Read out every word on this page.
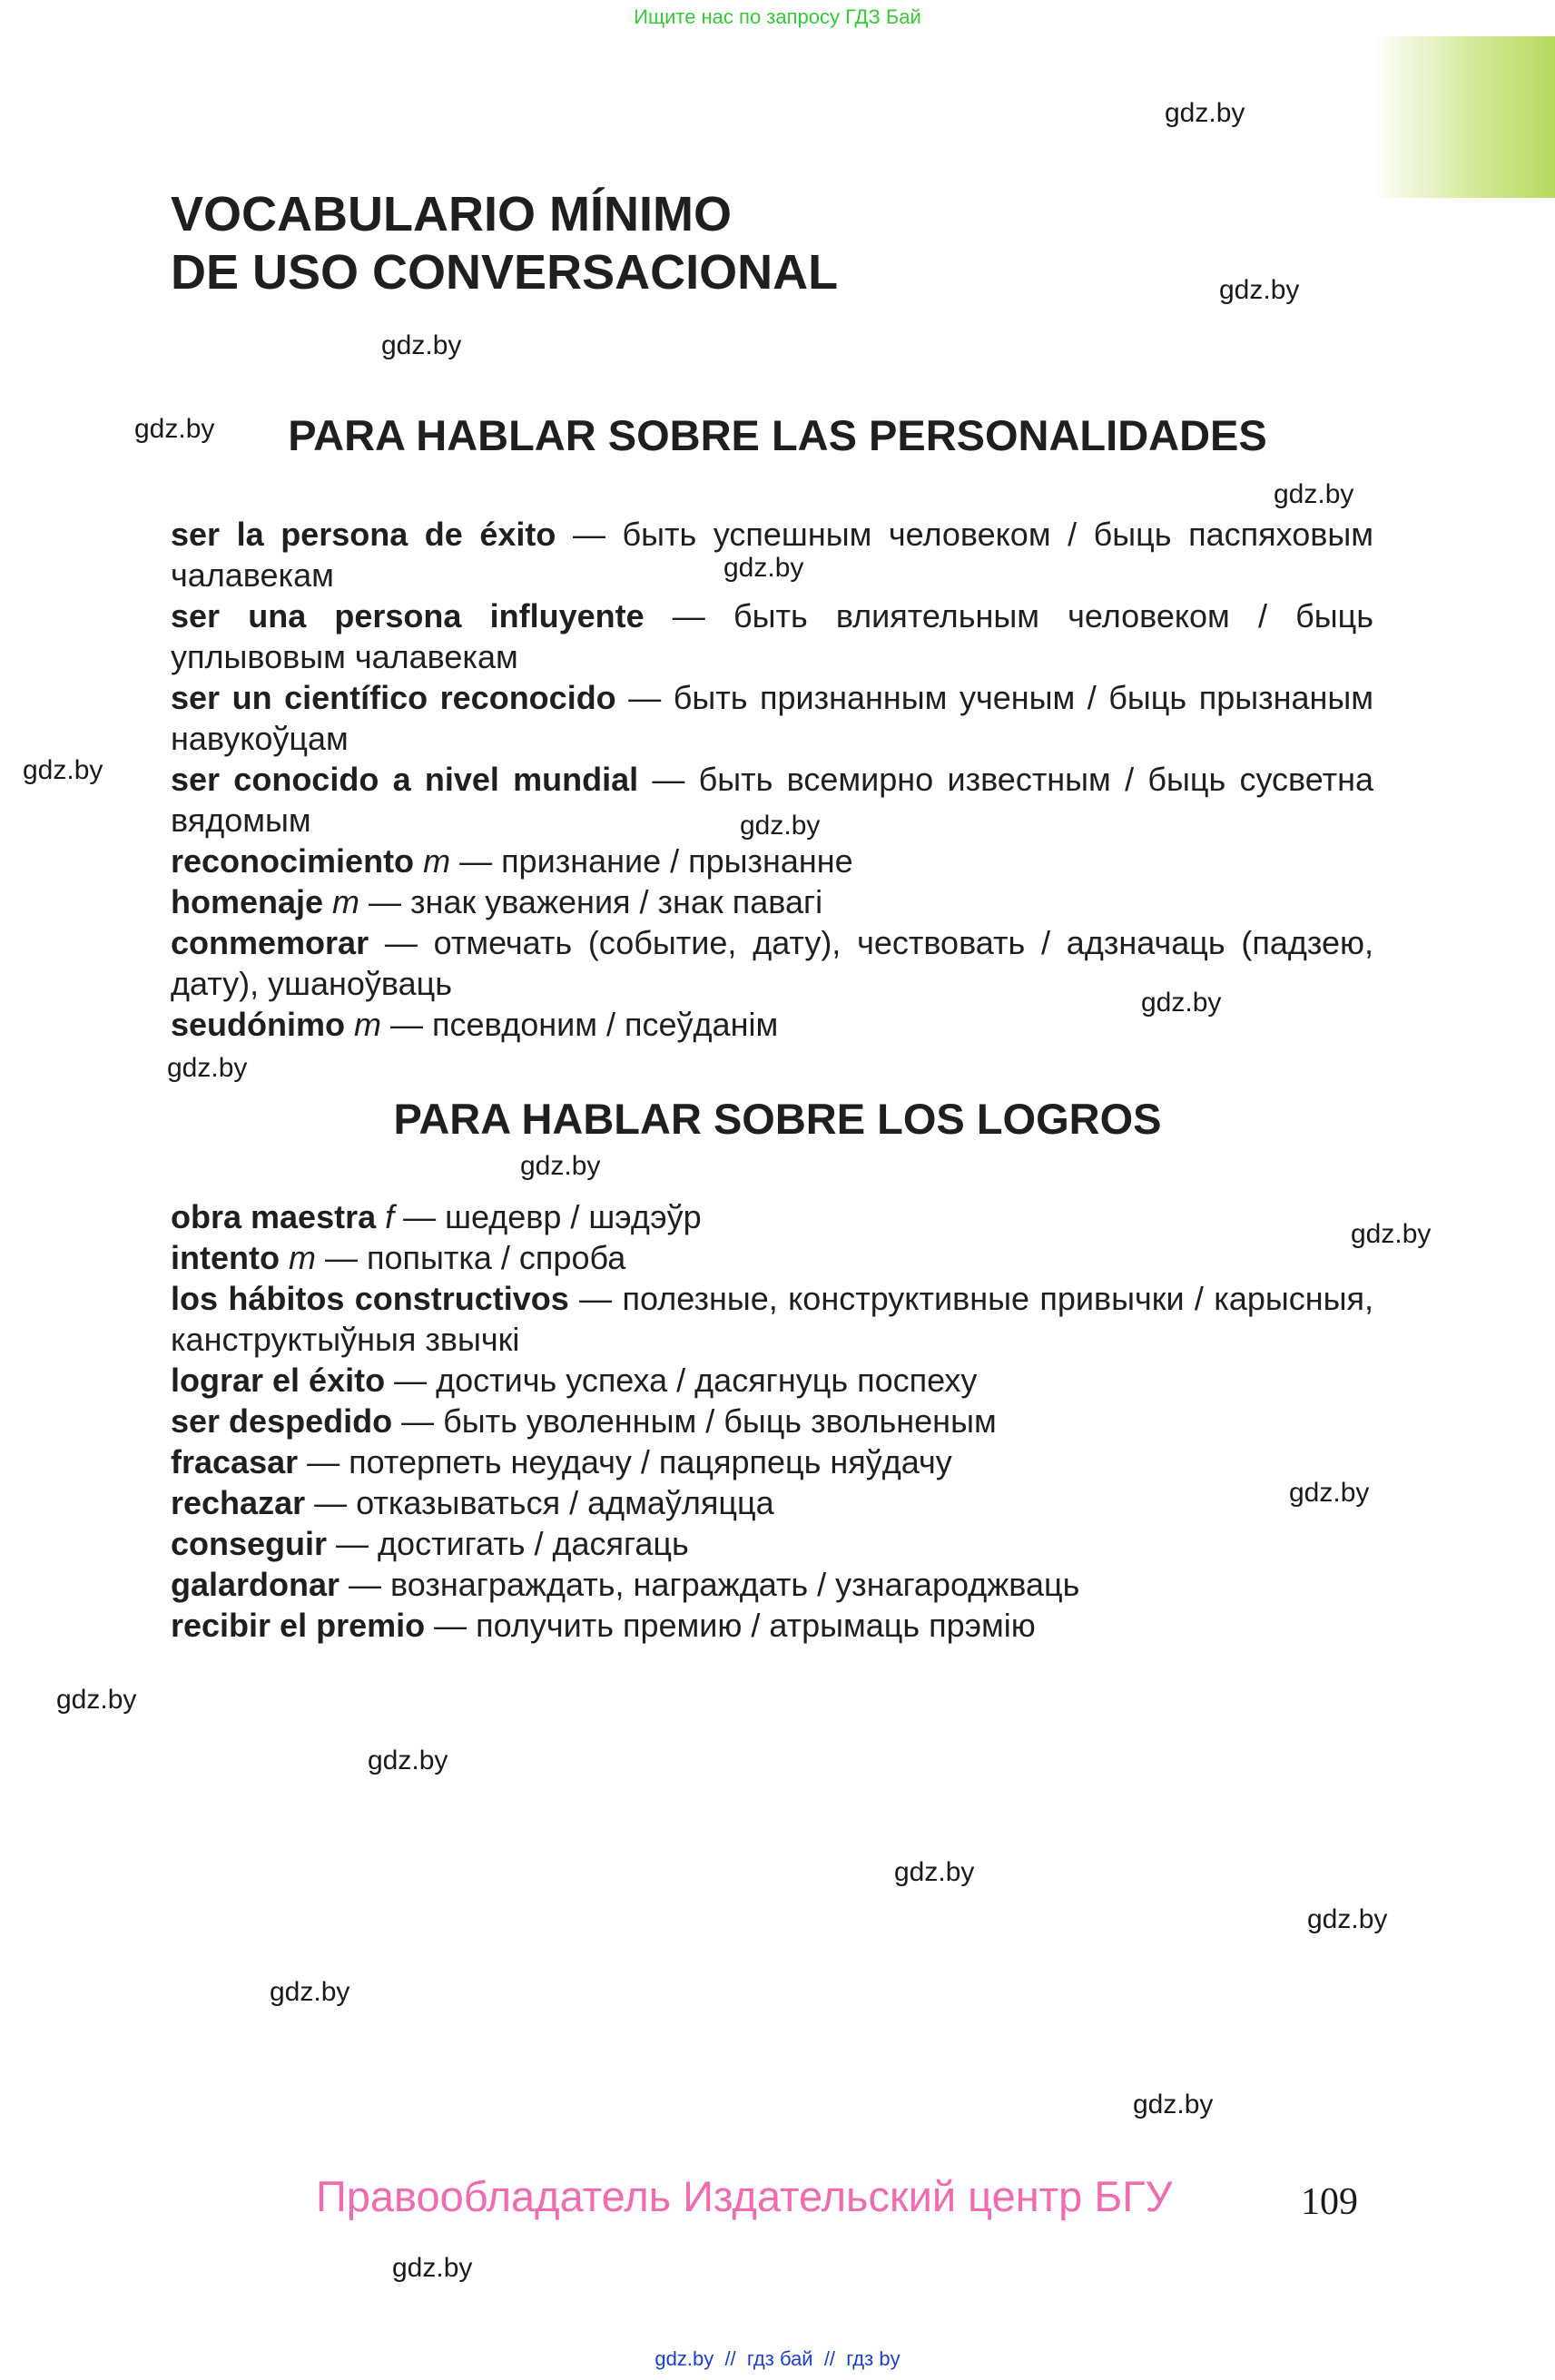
Ищите нас по запросу ГДЗ Бай
gdz.by
gdz.by
gdz.by
gdz.by
gdz.by
gdz.by
gdz.by
gdz.by
gdz.by
gdz.by
gdz.by
gdz.by
gdz.by
gdz.by
gdz.by
gdz.by
gdz.by
gdz.by
gdz.by
gdz.by
VOCABULARIO MÍNIMO
DE USO CONVERSACIONAL
PARA HABLAR SOBRE LAS PERSONALIDADES

ser la persona de éxito — быть успешным человеком / быць паспяховым чалавекам

ser una persona influyente — быть влиятельным человеком / быць уплывовым чалавекам

ser un científico reconocido — быть признанным ученым / быць прызнаным навукоўцам

ser conocido a nivel mundial — быть всемирно известным / быць сусветна вядомым

reconocimiento m — признание / прызнанне

homenaje m — знак уважения / знак павагі

conmemorar — отмечать (событие, дату), чествовать / адзначаць (падзею, дату), ушаноўваць

seudónimo m — псевдоним / псеўданім

PARA HABLAR SOBRE LOS LOGROS

obra maestra f — шедевр / шэдэўр

intento m — попытка / спроба

los hábitos constructivos — полезные, конструктивные привычки / карысныя, канструктыўныя звычкі

lograr el éxito — достичь успеха / дасягнуць поспеху

ser despedido — быть уволенным / быць звольненым

fracasar — потерпеть неудачу / пацярпець няўдачу

rechazar — отказываться / адмаўляцца

conseguir — достигать / дасягаць

galardonar — вознаграждать, награждать / узнагароджваць

recibir el premio — получить премию / атрымаць прэмію

Правообладатель Издательский центр БГУ	109
gdz.by  //  гдз бай  //  гдз by
